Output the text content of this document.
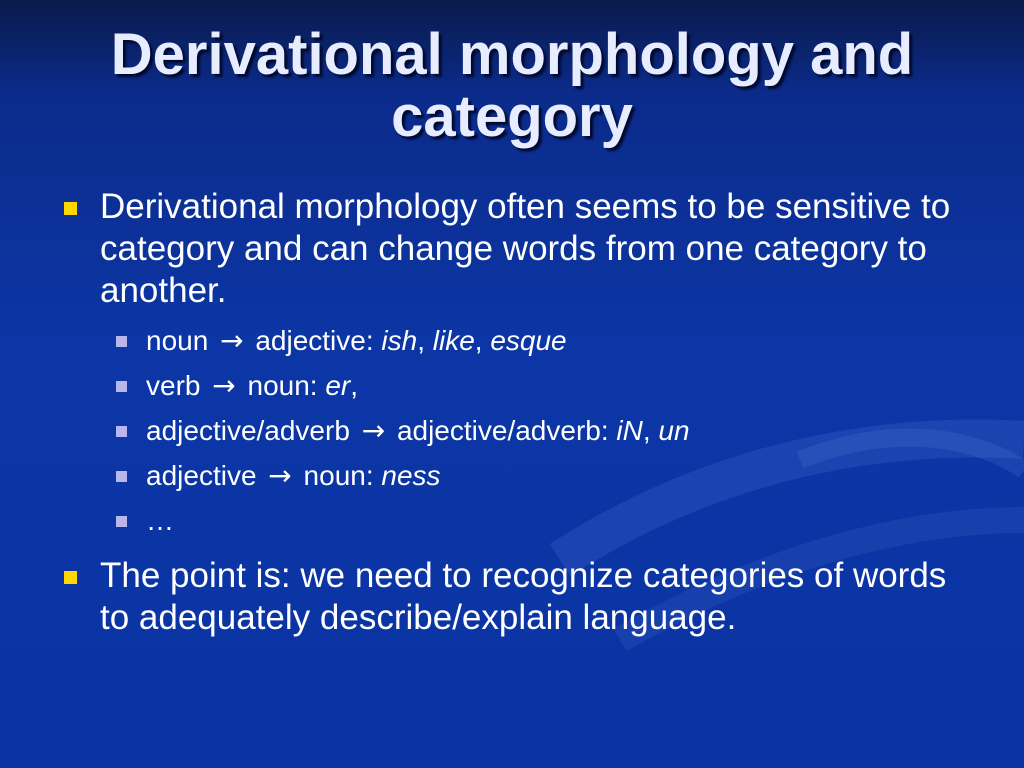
Derivational morphology and category
Derivational morphology often seems to be sensitive to category and can change words from one category to another.
noun → adjective: ish, like, esque
verb → noun: er,
adjective/adverb → adjective/adverb: iN, un
adjective → noun: ness
…
The point is: we need to recognize categories of words to adequately describe/explain language.
